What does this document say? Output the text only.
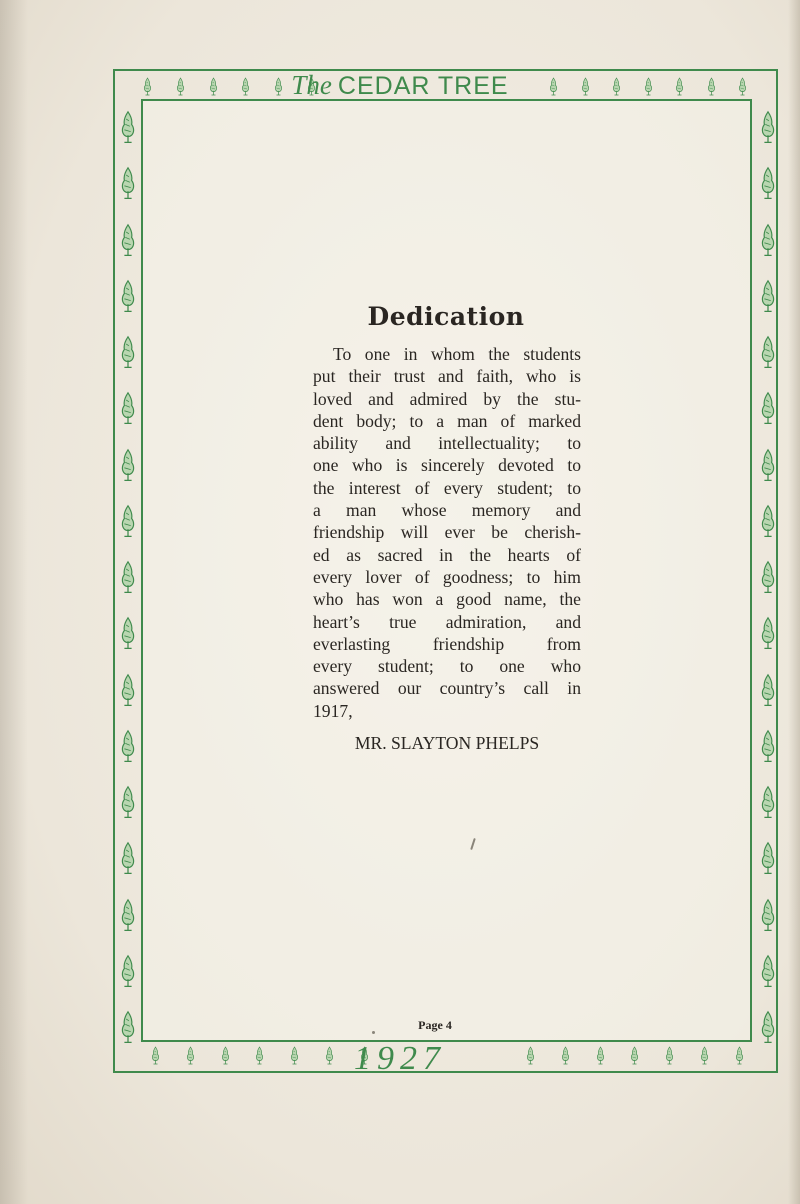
The CEDAR TREE
Dedication
To one in whom the students
put their trust and faith, who is
loved and admired by the stu-
dent body; to a man of marked
ability and intellectuality; to
one who is sincerely devoted to
the interest of every student; to
a man whose memory and
friendship will ever be cherish-
ed as sacred in the hearts of
every lover of goodness; to him
who has won a good name, the
heart’s true admiration, and
everlasting friendship from
every student; to one who
answered our country’s call in
1917,
MR. SLAYTON PHELPS
Page 4
1927
